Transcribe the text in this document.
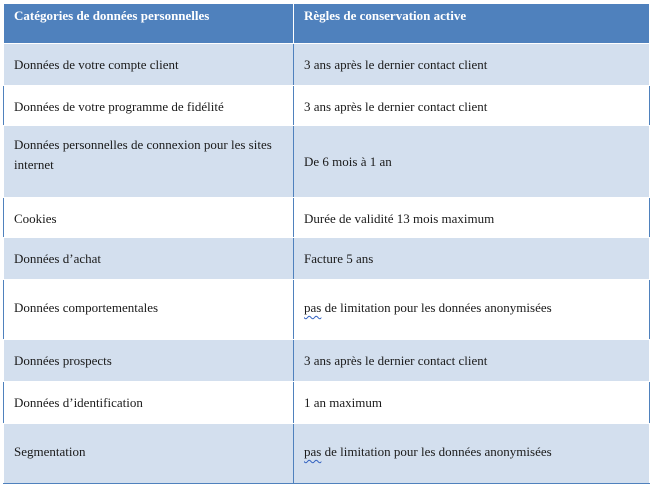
Catégories de données personnelles	Règles de conservation active
Données de votre compte client	3 ans après le dernier contact client
Données de votre programme de fidélité	3 ans après le dernier contact client
Données personnelles de connexion pour les sites internet	De 6 mois à 1 an
Cookies	Durée de validité 13 mois maximum
Données d’achat	Facture 5 ans
Données comportementales	pas de limitation pour les données anonymisées
Données prospects	3 ans après le dernier contact client
Données d’identification	1 an maximum
Segmentation	pas de limitation pour les données anonymisées
